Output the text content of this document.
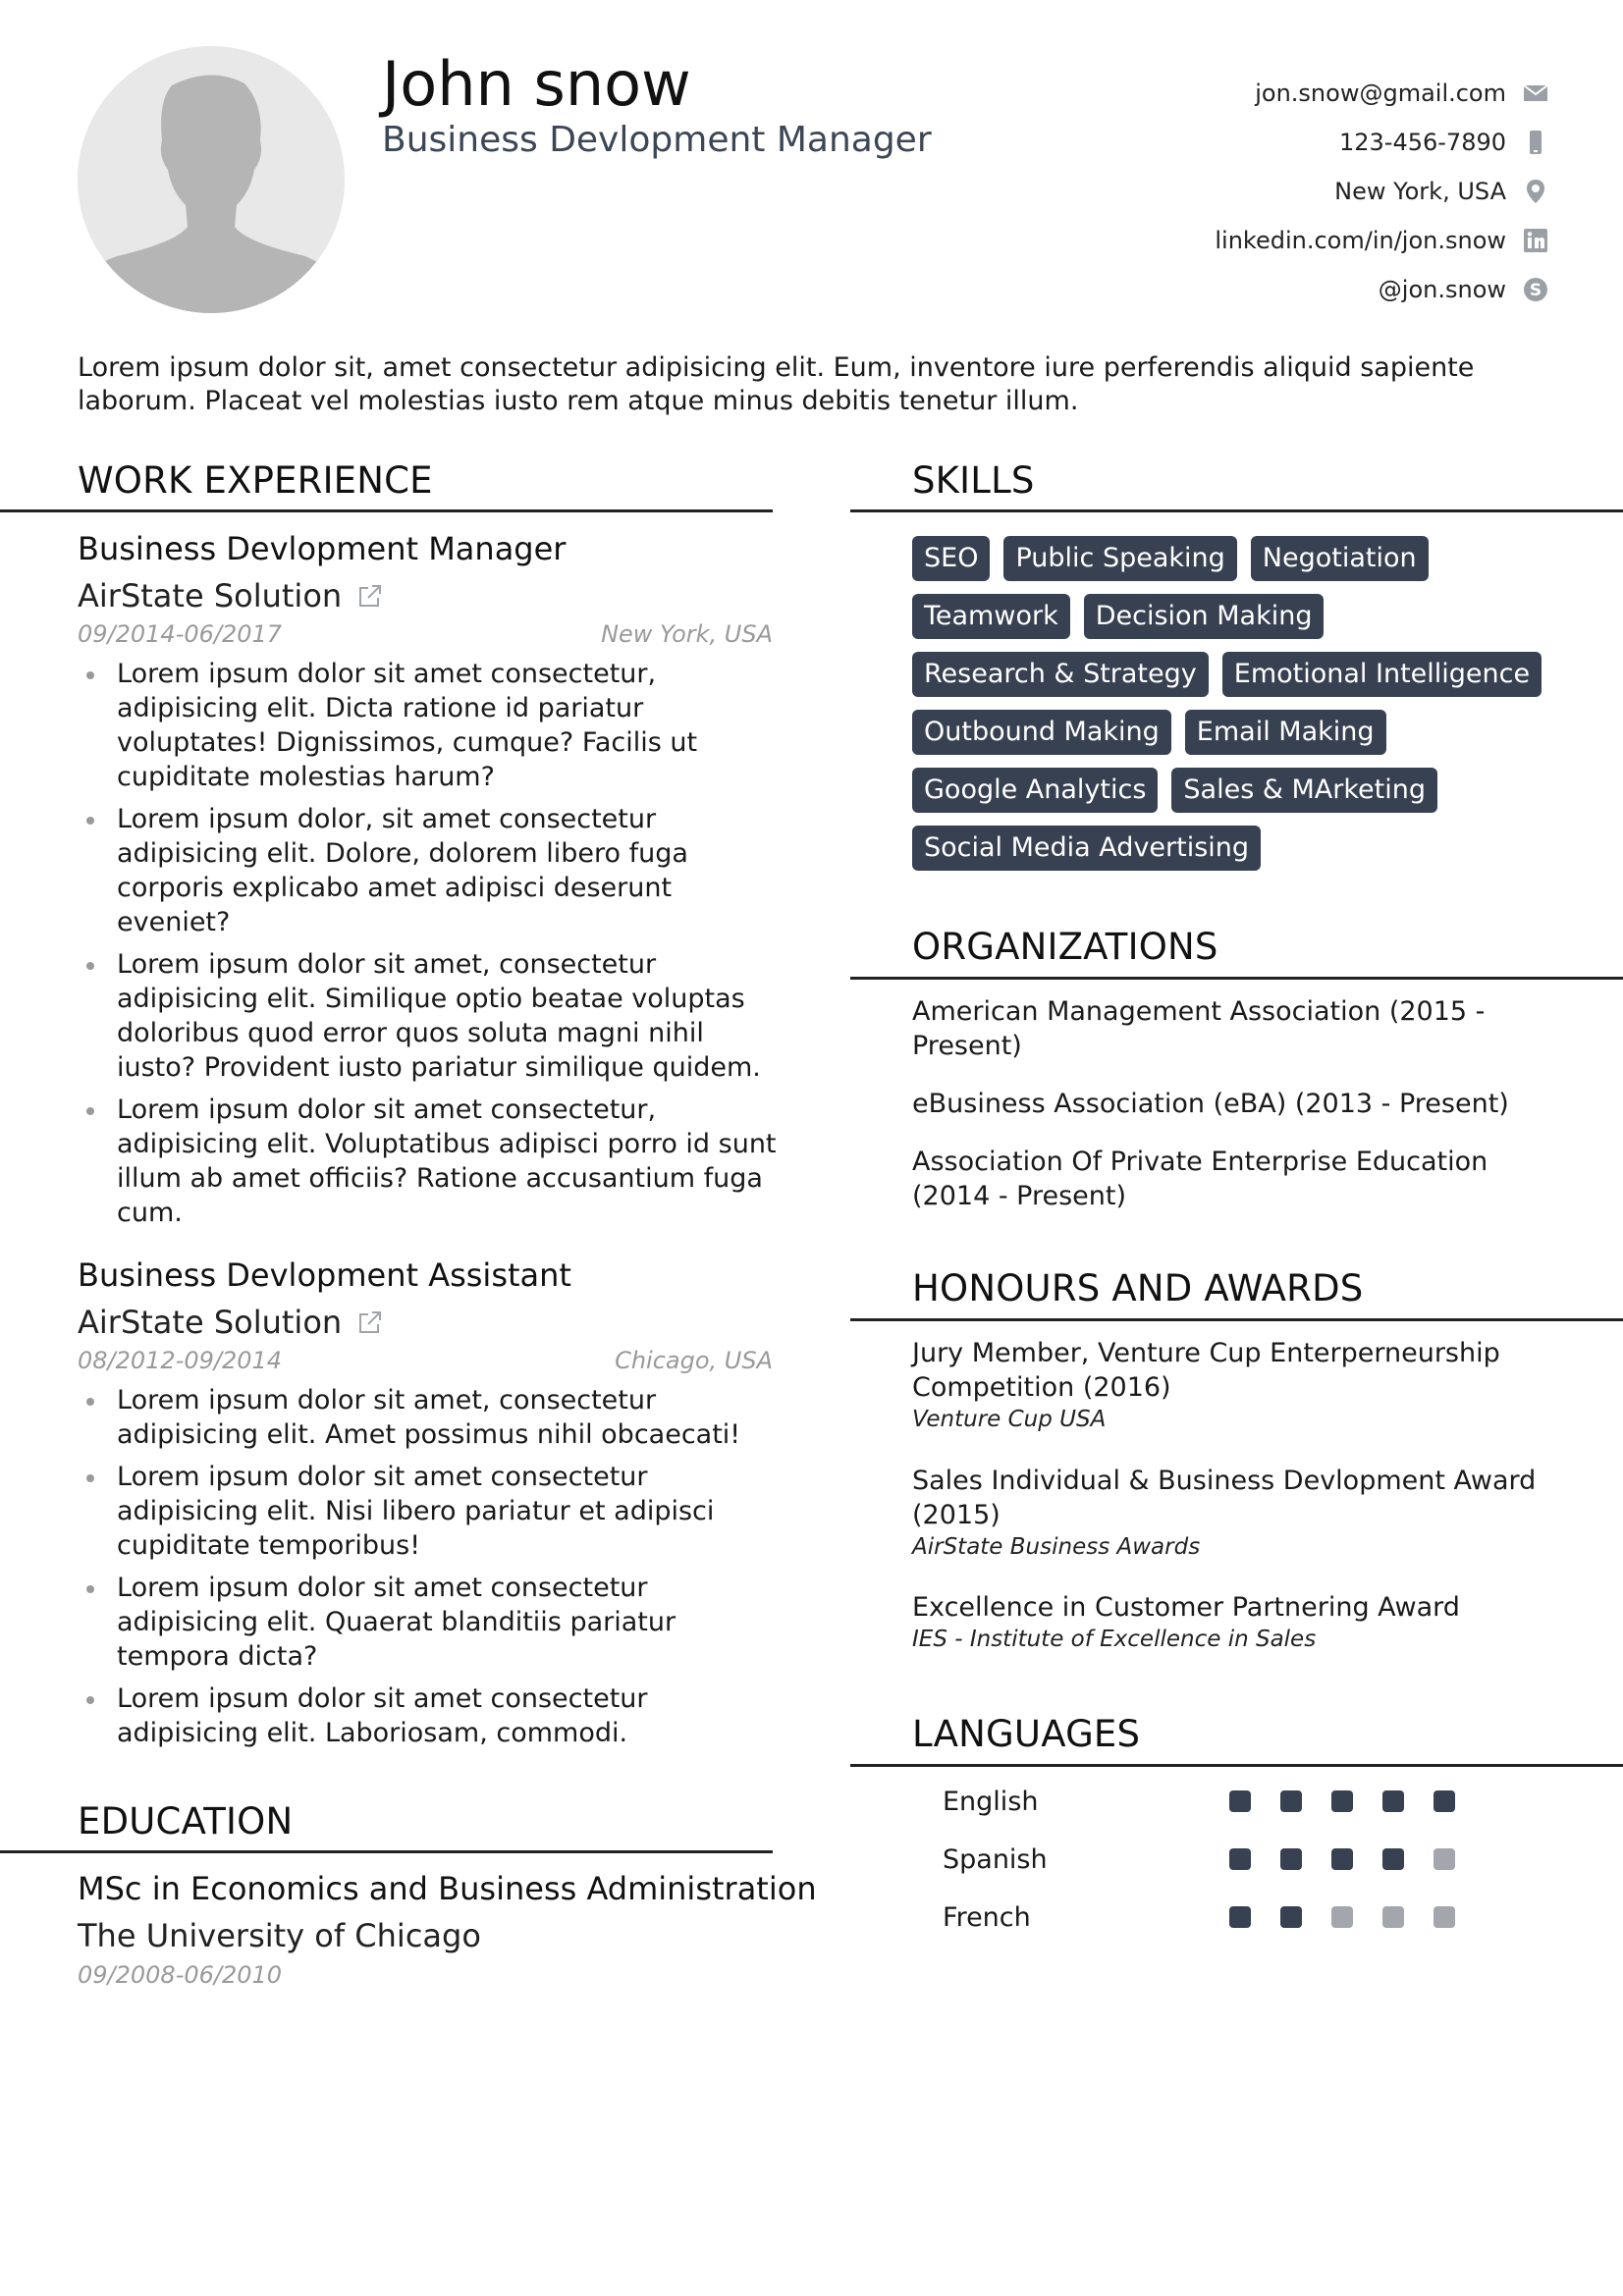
John snow
Business Devlopment Manager
jon.snow@gmail.com
123-456-7890
New York, USA
linkedin.com/in/jon.snow
@jon.snow S
Lorem ipsum dolor sit, amet consectetur adipisicing elit. Eum, inventore iure perferendis aliquid sapiente laborum. Placeat vel molestias iusto rem atque minus debitis tenetur illum.
WORK EXPERIENCE
Business Devlopment Manager
AirState Solution
09/2014-06/2017	New York, USA
Lorem ipsum dolor sit amet consectetur, adipisicing elit. Dicta ratione id pariatur voluptates! Dignissimos, cumque? Facilis ut cupiditate molestias harum?
Lorem ipsum dolor, sit amet consectetur adipisicing elit. Dolore, dolorem libero fuga corporis explicabo amet adipisci deserunt eveniet?
Lorem ipsum dolor sit amet, consectetur adipisicing elit. Similique optio beatae voluptas doloribus quod error quos soluta magni nihil iusto? Provident iusto pariatur similique quidem.
Lorem ipsum dolor sit amet consectetur, adipisicing elit. Voluptatibus adipisci porro id sunt illum ab amet officiis? Ratione accusantium fuga cum.
Business Devlopment Assistant
AirState Solution
08/2012-09/2014	Chicago, USA
Lorem ipsum dolor sit amet, consectetur adipisicing elit. Amet possimus nihil obcaecati!
Lorem ipsum dolor sit amet consectetur adipisicing elit. Nisi libero pariatur et adipisci cupiditate temporibus!
Lorem ipsum dolor sit amet consectetur adipisicing elit. Quaerat blanditiis pariatur tempora dicta?
Lorem ipsum dolor sit amet consectetur adipisicing elit. Laboriosam, commodi.
EDUCATION
MSc in Economics and Business Administration
The University of Chicago
09/2008-06/2010
SKILLS
SEO	Public Speaking	Negotiation
Teamwork	Decision Making
Research & Strategy	Emotional Intelligence
Outbound Making	Email Making
Google Analytics	Sales & MArketing
Social Media Advertising
ORGANIZATIONS
American Management Association (2015 - Present)
eBusiness Association (eBA) (2013 - Present)
Association Of Private Enterprise Education (2014 - Present)
HONOURS AND AWARDS
Jury Member, Venture Cup Enterperneurship Competition (2016)
Venture Cup USA
Sales Individual & Business Devlopment Award (2015)
AirState Business Awards
Excellence in Customer Partnering Award
IES - Institute of Excellence in Sales
LANGUAGES
English
Spanish
French
